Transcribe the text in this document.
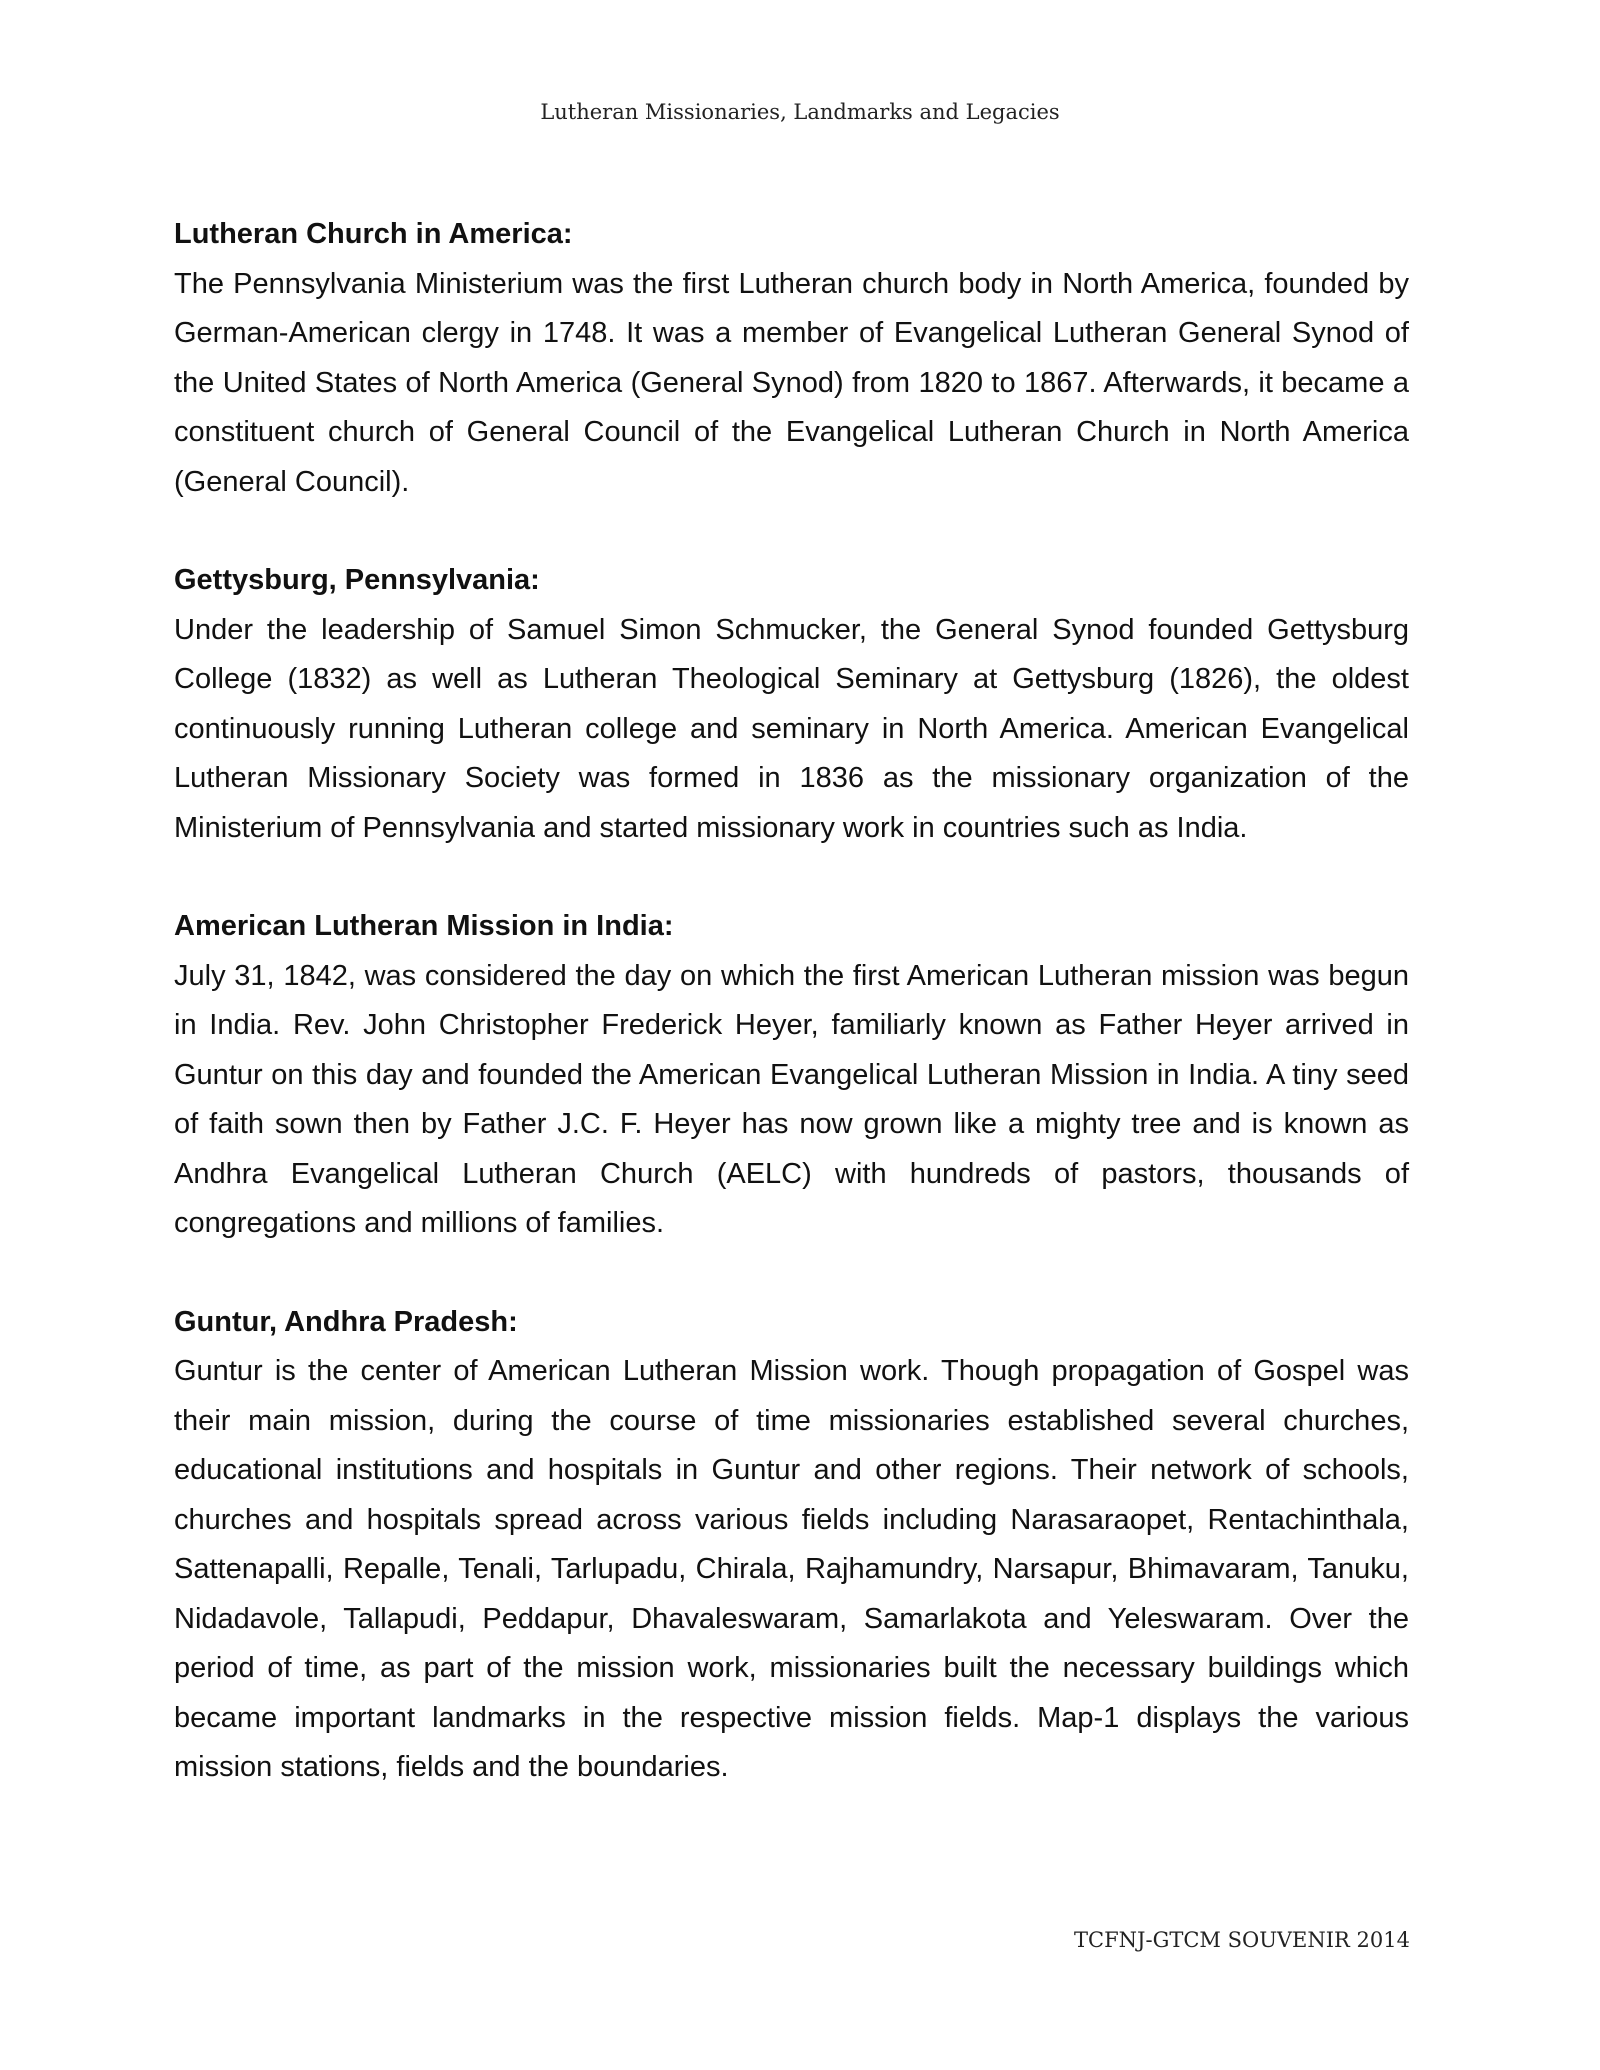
Lutheran Missionaries, Landmarks and Legacies

Lutheran Church in America:

The Pennsylvania Ministerium was the first Lutheran church body in North America, founded by German-American clergy in 1748. It was a member of Evangelical Lutheran General Synod of the United States of North America (General Synod) from 1820 to 1867. Afterwards, it became a constituent church of General Council of the Evangelical Lutheran Church in North America (General Council).

Gettysburg, Pennsylvania:

Under the leadership of Samuel Simon Schmucker, the General Synod founded Gettysburg College (1832) as well as Lutheran Theological Seminary at Gettysburg (1826), the oldest continuously running Lutheran college and seminary in North America. American Evangelical Lutheran Missionary Society was formed in 1836 as the missionary organization of the Ministerium of Pennsylvania and started missionary work in countries such as India.

American Lutheran Mission in India:

July 31, 1842, was considered the day on which the first American Lutheran mission was begun in India. Rev. John Christopher Frederick Heyer, familiarly known as Father Heyer arrived in Guntur on this day and founded the American Evangelical Lutheran Mission in India. A tiny seed of faith sown then by Father J.C. F. Heyer has now grown like a mighty tree and is known as Andhra Evangelical Lutheran Church (AELC) with hundreds of pastors, thousands of congregations and millions of families.

Guntur, Andhra Pradesh:

Guntur is the center of American Lutheran Mission work. Though propagation of Gospel was their main mission, during the course of time missionaries established several churches, educational institutions and hospitals in Guntur and other regions. Their network of schools, churches and hospitals spread across various fields including Narasaraopet, Rentachinthala, Sattenapalli, Repalle, Tenali, Tarlupadu, Chirala, Rajhamundry, Narsapur, Bhimavaram, Tanuku, Nidadavole, Tallapudi, Peddapur, Dhavaleswaram, Samarlakota and Yeleswaram. Over the period of time, as part of the mission work, missionaries built the necessary buildings which became important landmarks in the respective mission fields. Map-1 displays the various mission stations, fields and the boundaries.

TCFNJ-GTCM SOUVENIR 2014
